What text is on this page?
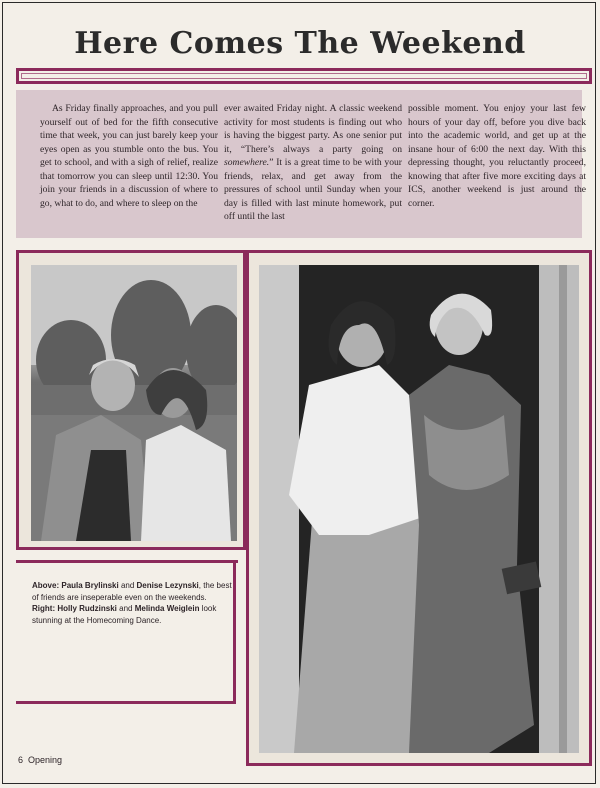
Here Comes The Weekend

As Friday finally approaches, and you pull yourself out of bed for the fifth consecutive time that week, you can just barely keep your eyes open as you stumble onto the bus. You get to school, and with a sigh of relief, realize that tomorrow you can sleep until 12:30. You join your friends in a discussion of where to go, what to do, and where to sleep on the

ever awaited Friday night. A classic weekend activity for most students is finding out who is having the biggest party. As one senior put it, “There’s always a party going on somewhere.” It is a great time to be with your friends, relax, and get away from the pressures of school until Sunday when your day is filled with last minute homework, put off until the last

possible moment. You enjoy your last few hours of your day off, before you dive back into the academic world, and get up at the insane hour of 6:00 the next day. With this depressing thought, you reluctantly proceed, knowing that after five more exciting days at ICS, another weekend is just around the corner.

Above: Paula Brylinski and Denise Lezynski, the best of friends are inseperable even on the weekends.
Right: Holly Rudzinski and Melinda Weiglein look stunning at the Homecoming Dance.

6 Opening
